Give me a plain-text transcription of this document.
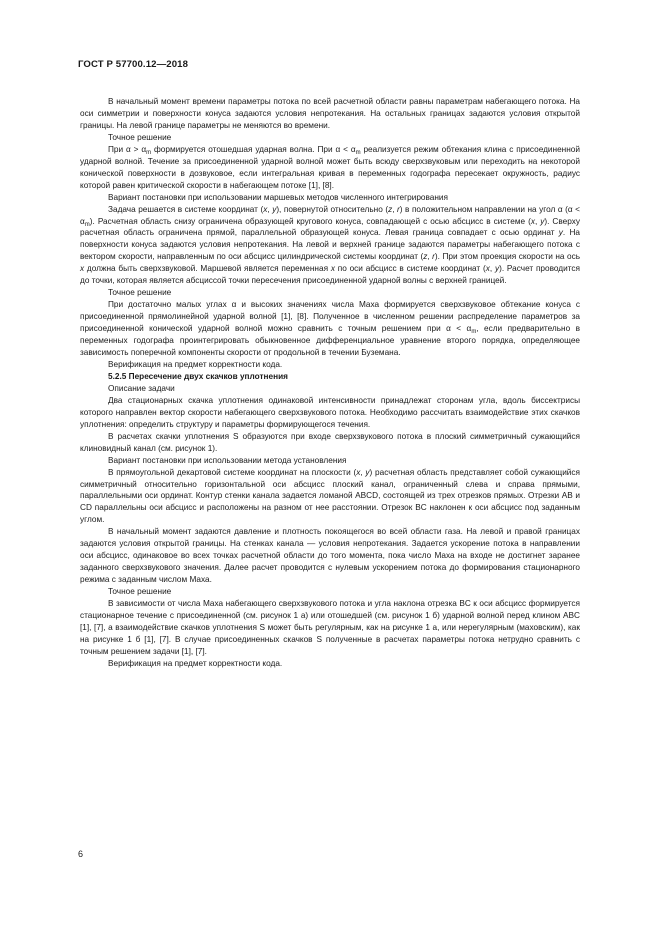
ГОСТ Р 57700.12—2018

В начальный момент времени параметры потока по всей расчетной области равны параметрам набегающего потока. На оси симметрии и поверхности конуса задаются условия непротекания. На остальных границах задаются условия открытой границы. На левой границе параметры не меняются во времени.

Точное решение

При $\alpha > \alpha_m$ формируется отошедшая ударная волна. При $\alpha < \alpha_m$ реализуется режим обтекания клина с присоединенной ударной волной. Течение за присоединенной ударной волной может быть всюду сверхзвуковым или переходить на некоторой конической поверхности в дозвуковое, если интегральная кривая в переменных годографа пересекает окружность, радиус которой равен критической скорости в набегающем потоке [1], [8].

Вариант постановки при использовании маршевых методов численного интегрирования

Задача решается в системе координат (x, y), повернутой относительно (z, r) в положительном направлении на угол α $(\alpha < \alpha_m)$. Расчетная область снизу ограничена образующей кругового конуса, совпадающей с осью абсцисс в системе (x, y). Сверху расчетная область ограничена прямой, параллельной образующей конуса. Левая граница совпадает с осью ординат y. На поверхности конуса задаются условия непротекания. На левой и верхней границе задаются параметры набегающего потока с вектором скорости, направленным по оси абсцисс цилиндрической системы координат (z, r). При этом проекция скорости на ось x должна быть сверхзвуковой. Маршевой является переменная x по оси абсцисс в системе координат (x, y). Расчет проводится до точки, которая является абсциссой точки пересечения присоединенной ударной волны с верхней границей.

Точное решение

При достаточно малых углах α и высоких значениях числа Маха формируется сверхзвуковое обтекание конуса с присоединенной прямолинейной ударной волной [1], [8]. Полученное в численном решении распределение параметров за присоединенной конической ударной волной можно сравнить с точным решением при $\alpha < \alpha_m$, если предварительно в переменных годографа проинтегрировать обыкновенное дифференциальное уравнение второго порядка, определяющее зависимость поперечной компоненты скорости от продольной в течении Буземана.

Верификация на предмет корректности кода.

5.2.5 Пересечение двух скачков уплотнения

Описание задачи

Два стационарных скачка уплотнения одинаковой интенсивности принадлежат сторонам угла, вдоль биссектрисы которого направлен вектор скорости набегающего сверхзвукового потока. Необходимо рассчитать взаимодействие этих скачков уплотнения: определить структуру и параметры формирующегося течения.

В расчетах скачки уплотнения S образуются при входе сверхзвукового потока в плоский симметричный сужающийся клиновидный канал (см. рисунок 1).

Вариант постановки при использовании метода установления

В прямоугольной декартовой системе координат на плоскости (x, y) расчетная область представляет собой сужающийся симметричный относительно горизонтальной оси абсцисс плоский канал, ограниченный слева и справа прямыми, параллельными оси ординат. Контур стенки канала задается ломаной ABCD, состоящей из трех отрезков прямых. Отрезки AB и CD параллельны оси абсцисс и расположены на разном от нее расстоянии. Отрезок BC наклонен к оси абсцисс под заданным углом.

В начальный момент задаются давление и плотность покоящегося во всей области газа. На левой и правой границах задаются условия открытой границы. На стенках канала — условия непротекания. Задается ускорение потока в направлении оси абсцисс, одинаковое во всех точках расчетной области до того момента, пока число Маха на входе не достигнет заранее заданного сверхзвукового значения. Далее расчет проводится с нулевым ускорением потока до формирования стационарного режима с заданным числом Маха.

Точное решение

В зависимости от числа Маха набегающего сверхзвукового потока и угла наклона отрезка BC к оси абсцисс формируется стационарное течение с присоединенной (см. рисунок 1 а) или отошедшей (см. рисунок 1 б) ударной волной перед клином ABC [1], [7], а взаимодействие скачков уплотнения S может быть регулярным, как на рисунке 1 а, или нерегулярным (маховским), как на рисунке 1 б [1], [7]. В случае присоединенных скачков S полученные в расчетах параметры потока нетрудно сравнить с точным решением задачи [1], [7].

Верификация на предмет корректности кода.

6
